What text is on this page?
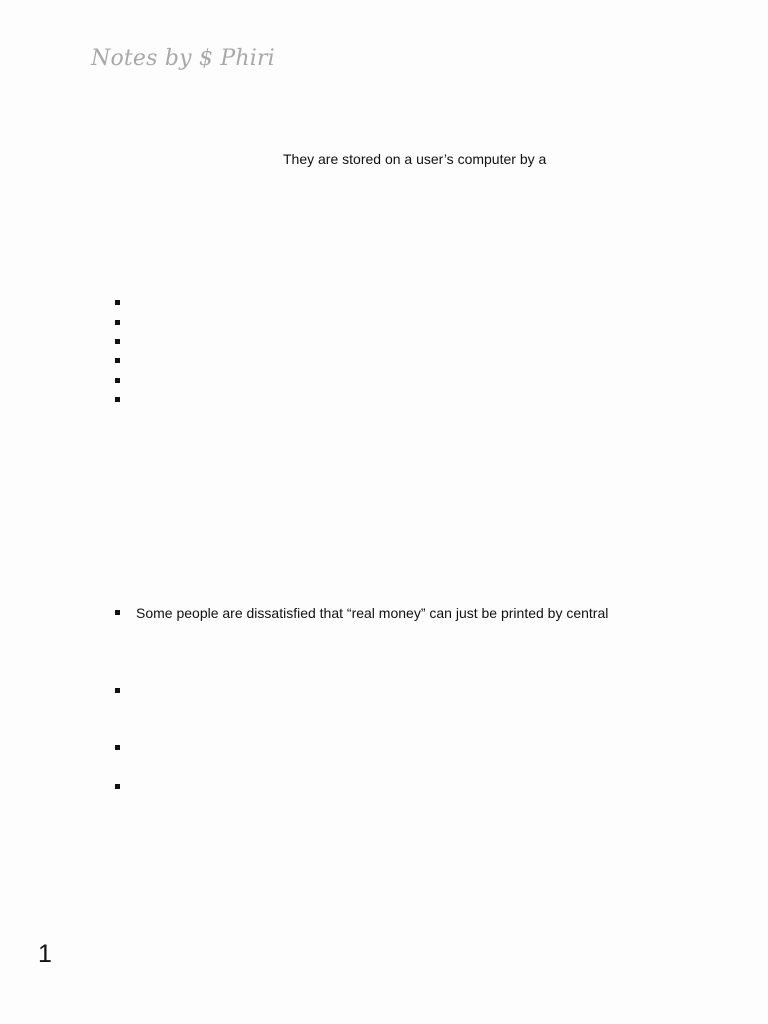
Notes by $ Phiri
They are stored on a user’s computer by a
Some people are dissatisfied that “real money” can just be printed by central
1
